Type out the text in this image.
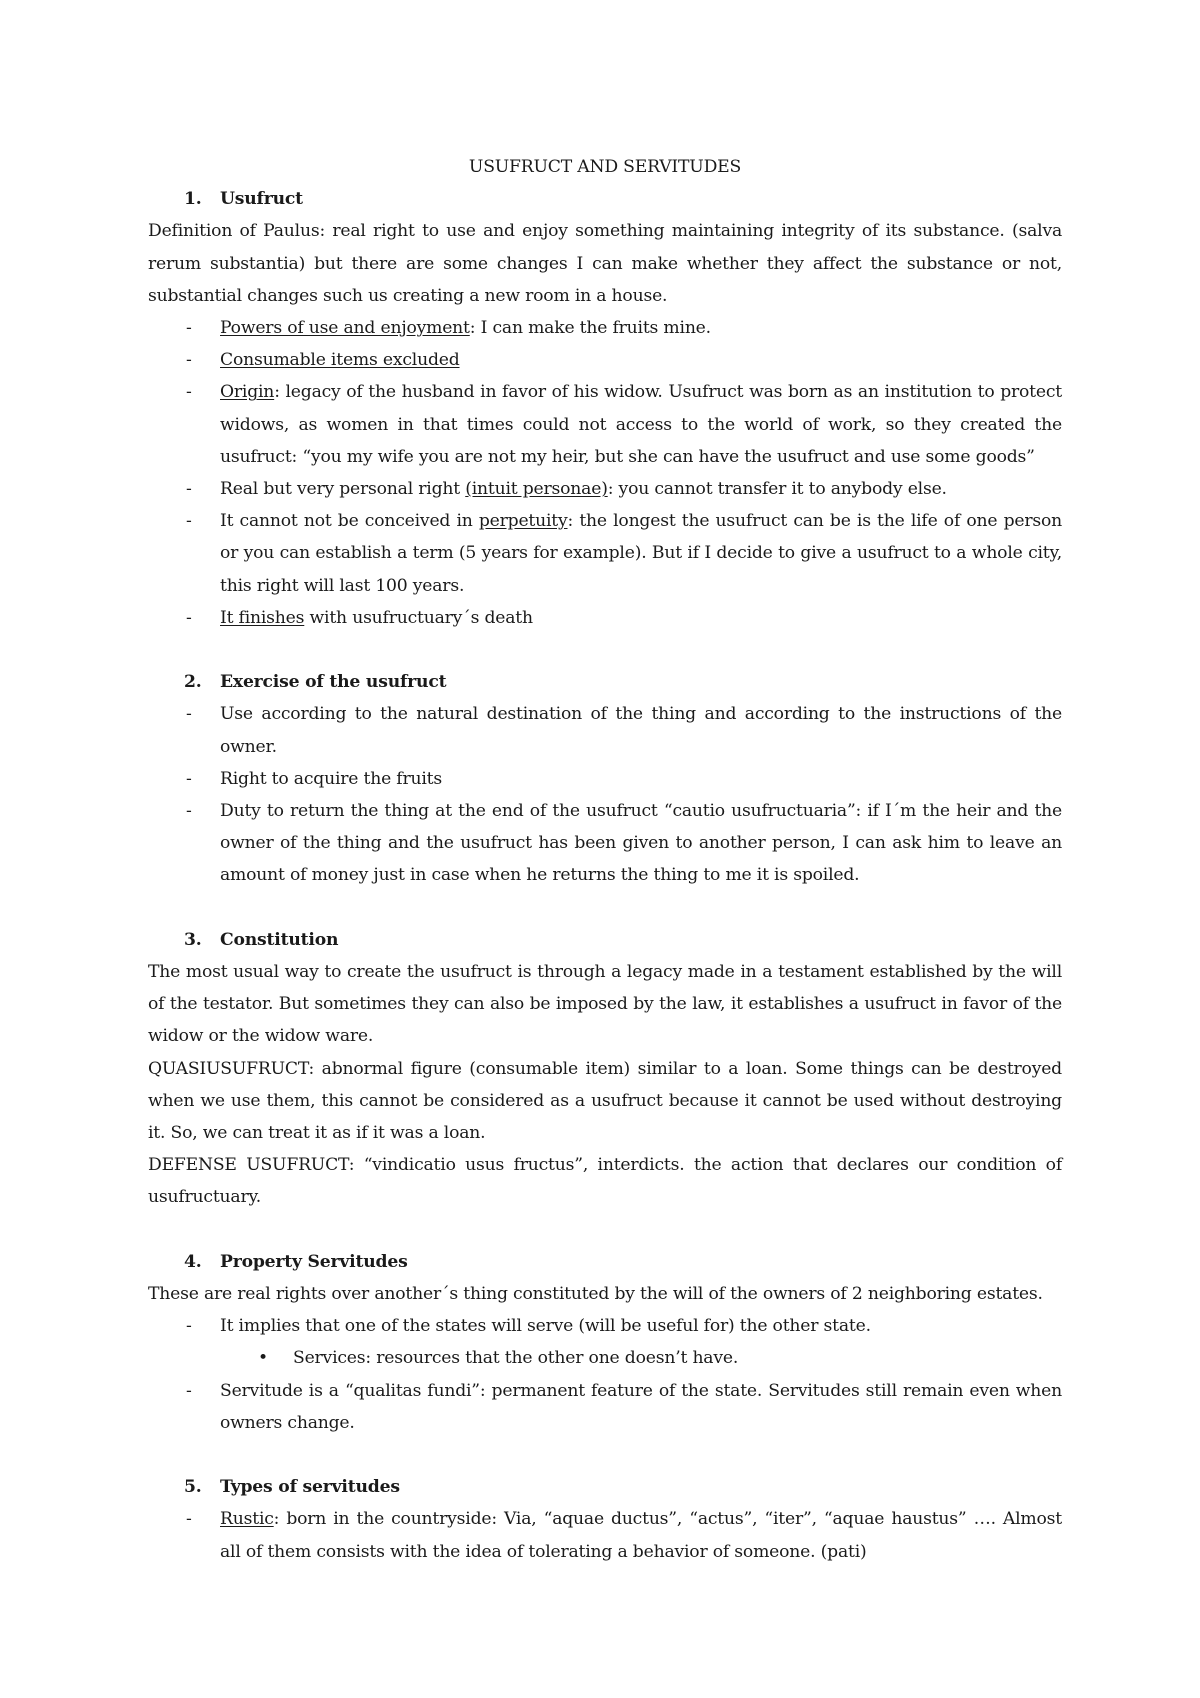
USUFRUCT AND SERVITUDES

1.	Usufruct

Definition of Paulus: real right to use and enjoy something maintaining integrity of its substance. (salva rerum substantia) but there are some changes I can make whether they affect the substance or not, substantial changes such us creating a new room in a house.

- Powers of use and enjoyment: I can make the fruits mine.
- Consumable items excluded
- Origin: legacy of the husband in favor of his widow. Usufruct was born as an institution to protect widows, as women in that times could not access to the world of work, so they created the usufruct: “you my wife you are not my heir, but she can have the usufruct and use some goods”
- Real but very personal right (intuit personae): you cannot transfer it to anybody else.
- It cannot not be conceived in perpetuity: the longest the usufruct can be is the life of one person or you can establish a term (5 years for example). But if I decide to give a usufruct to a whole city, this right will last 100 years.
- It finishes with usufructuary´s death

2.	Exercise of the usufruct

- Use according to the natural destination of the thing and according to the instructions of the owner.
- Right to acquire the fruits
- Duty to return the thing at the end of the usufruct “cautio usufructuaria”: if I´m the heir and the owner of the thing and the usufruct has been given to another person, I can ask him to leave an amount of money just in case when he returns the thing to me it is spoiled.

3.	Constitution

The most usual way to create the usufruct is through a legacy made in a testament established by the will of the testator. But sometimes they can also be imposed by the law, it establishes a usufruct in favor of the widow or the widow ware.

QUASIUSUFRUCT: abnormal figure (consumable item) similar to a loan. Some things can be destroyed when we use them, this cannot be considered as a usufruct because it cannot be used without destroying it. So, we can treat it as if it was a loan.

DEFENSE USUFRUCT: “vindicatio usus fructus”, interdicts. the action that declares our condition of usufructuary.

4.	Property Servitudes

These are real rights over another´s thing constituted by the will of the owners of 2 neighboring estates.

- It implies that one of the states will serve (will be useful for) the other state.
• Services: resources that the other one doesn’t have.
- Servitude is a “qualitas fundi”: permanent feature of the state. Servitudes still remain even when owners change.

5.	Types of servitudes

- Rustic: born in the countryside: Via, “aquae ductus”, “actus”, “iter”, “aquae haustus” …. Almost all of them consists with the idea of tolerating a behavior of someone. (pati)
